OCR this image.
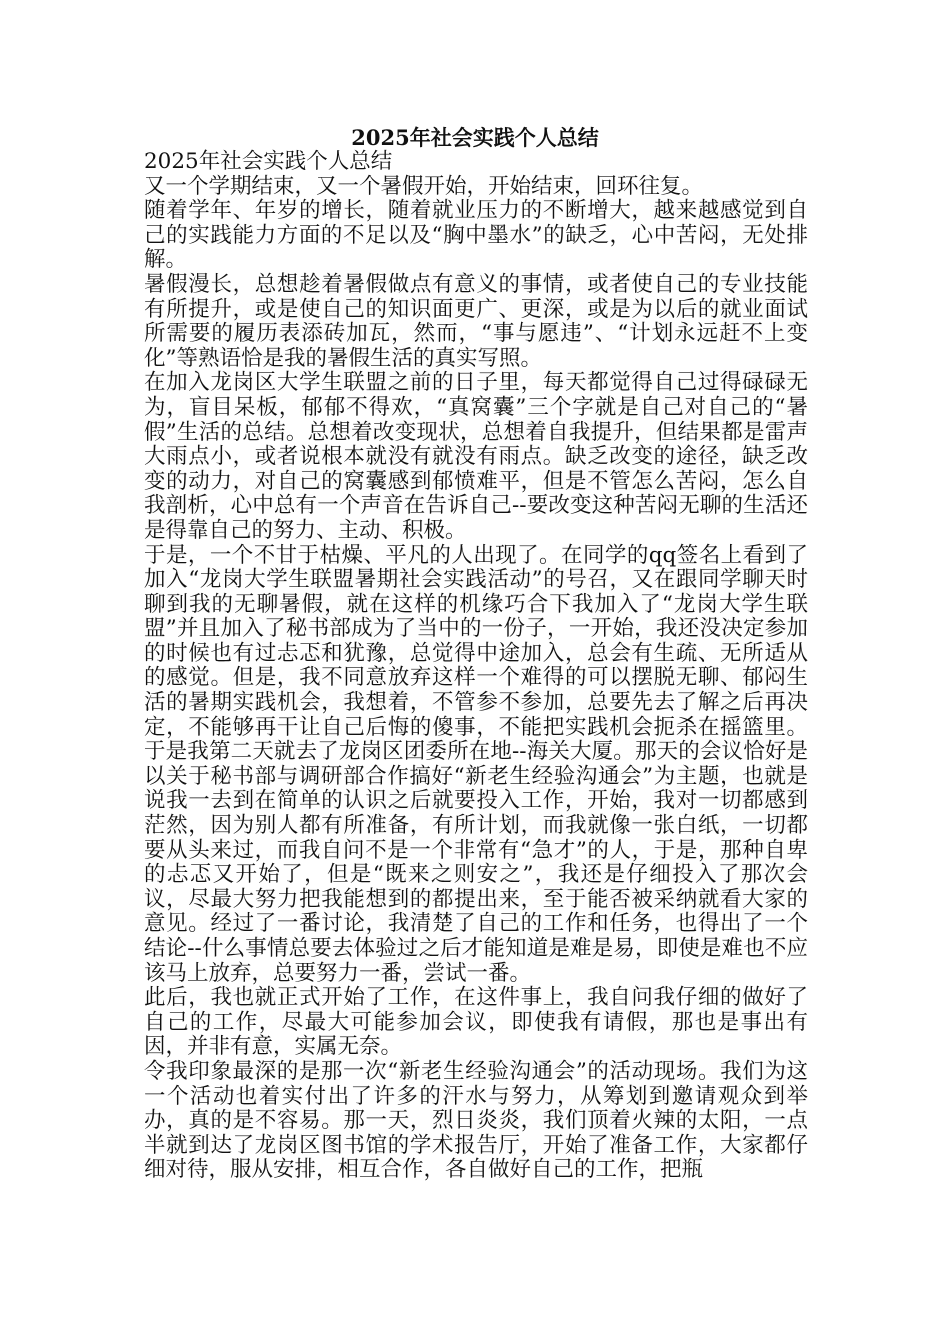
2025年社会实践个人总结

2025年社会实践个人总结

又一个学期结束，又一个暑假开始，开始结束，回环往复。

随着学年、年岁的增长，随着就业压力的不断增大，越来越感觉到自己的实践能力方面的不足以及“胸中墨水”的缺乏，心中苦闷，无处排解。

暑假漫长，总想趁着暑假做点有意义的事情，或者使自己的专业技能有所提升，或是使自己的知识面更广、更深，或是为以后的就业面试所需要的履历表添砖加瓦，然而，“事与愿违”、“计划永远赶不上变化”等熟语恰是我的暑假生活的真实写照。

在加入龙岗区大学生联盟之前的日子里，每天都觉得自己过得碌碌无为，盲目呆板，郁郁不得欢，“真窝囊”三个字就是自己对自己的“暑假”生活的总结。总想着改变现状，总想着自我提升，但结果都是雷声大雨点小，或者说根本就没有就没有雨点。缺乏改变的途径，缺乏改变的动力，对自己的窝囊感到郁愤难平，但是不管怎么苦闷，怎么自我剖析，心中总有一个声音在告诉自己--要改变这种苦闷无聊的生活还是得靠自己的努力、主动、积极。

于是，一个不甘于枯燥、平凡的人出现了。在同学的qq签名上看到了加入“龙岗大学生联盟暑期社会实践活动”的号召，又在跟同学聊天时聊到我的无聊暑假，就在这样的机缘巧合下我加入了“龙岗大学生联盟”并且加入了秘书部成为了当中的一份子，一开始，我还没决定参加的时候也有过忐忑和犹豫，总觉得中途加入，总会有生疏、无所适从的感觉。但是，我不同意放弃这样一个难得的可以摆脱无聊、郁闷生活的暑期实践机会，我想着，不管参不参加，总要先去了解之后再决定，不能够再干让自己后悔的傻事，不能把实践机会扼杀在摇篮里。于是我第二天就去了龙岗区团委所在地--海关大厦。那天的会议恰好是以关于秘书部与调研部合作搞好“新老生经验沟通会”为主题，也就是说我一去到在简单的认识之后就要投入工作，开始，我对一切都感到茫然，因为别人都有所准备，有所计划，而我就像一张白纸，一切都要从头来过，而我自问不是一个非常有“急才”的人，于是，那种自卑的忐忑又开始了，但是“既来之则安之”，我还是仔细投入了那次会议，尽最大努力把我能想到的都提出来，至于能否被采纳就看大家的意见。经过了一番讨论，我清楚了自己的工作和任务，也得出了一个结论--什么事情总要去体验过之后才能知道是难是易，即使是难也不应该马上放弃，总要努力一番，尝试一番。

此后，我也就正式开始了工作，在这件事上，我自问我仔细的做好了自己的工作，尽最大可能参加会议，即使我有请假，那也是事出有因，并非有意，实属无奈。

令我印象最深的是那一次“新老生经验沟通会”的活动现场。我们为这一个活动也着实付出了许多的汗水与努力，从筹划到邀请观众到举办，真的是不容易。那一天，烈日炎炎，我们顶着火辣的太阳，一点半就到达了龙岗区图书馆的学术报告厅，开始了准备工作，大家都仔细对待，服从安排，相互合作，各自做好自己的工作，把瓶
